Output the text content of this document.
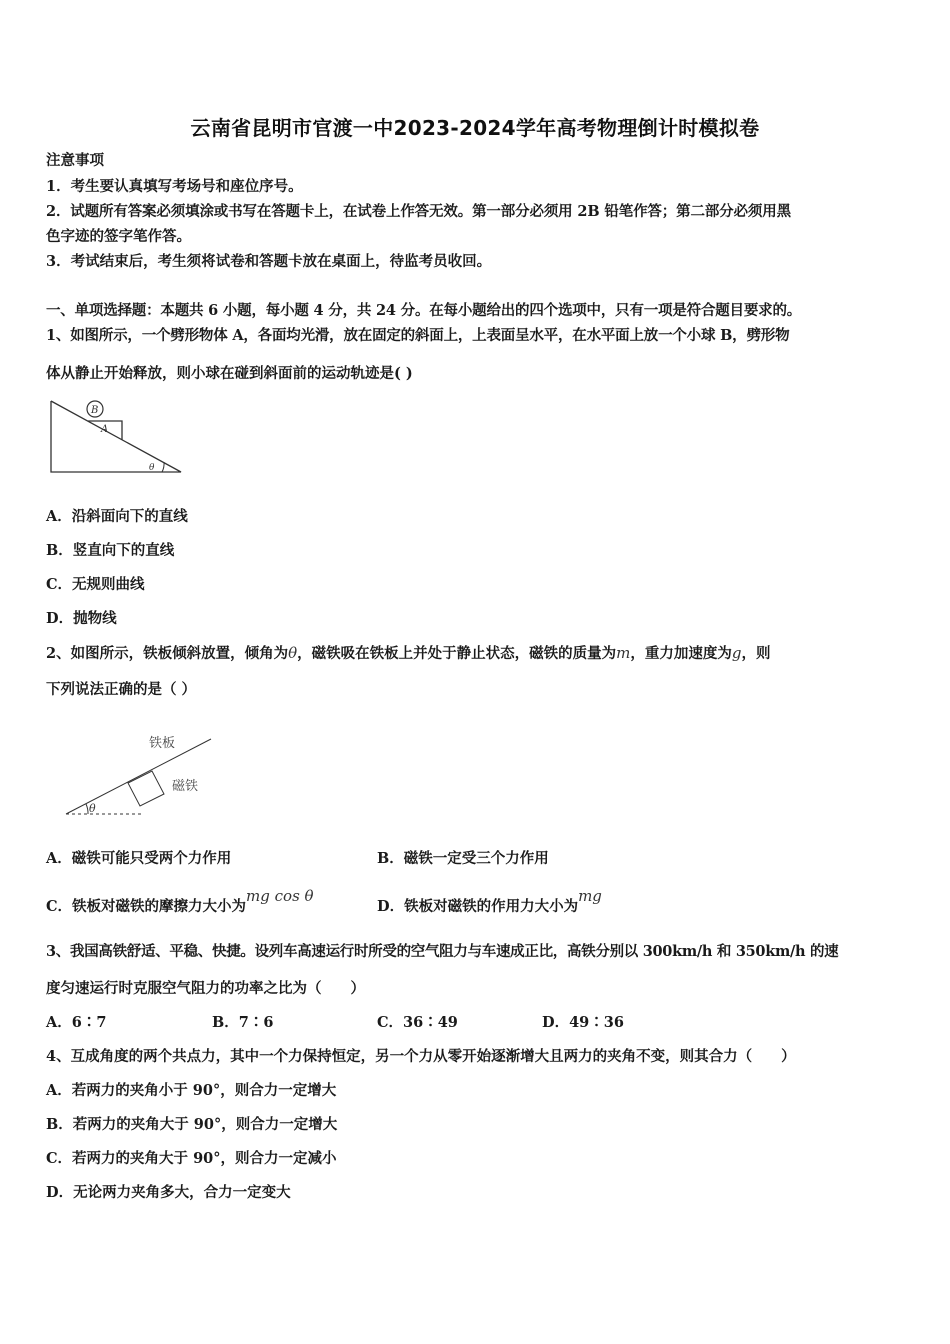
云南省昆明市官渡一中2023-2024学年高考物理倒计时模拟卷
注意事项
1．考生要认真填写考场号和座位序号。
2．试题所有答案必须填涂或书写在答题卡上，在试卷上作答无效。第一部分必须用 2B 铅笔作答；第二部分必须用黑
色字迹的签字笔作答。
3．考试结束后，考生须将试卷和答题卡放在桌面上，待监考员收回。
一、单项选择题：本题共 6 小题，每小题 4 分，共 24 分。在每小题给出的四个选项中，只有一项是符合题目要求的。
1、如图所示，一个劈形物体 A，各面均光滑，放在固定的斜面上，上表面呈水平，在水平面上放一个小球 B，劈形物
体从静止开始释放，则小球在碰到斜面前的运动轨迹是( )
B
A
θ
A．沿斜面向下的直线
B．竖直向下的直线
C．无规则曲线
D．抛物线
2、如图所示，铁板倾斜放置，倾角为θ，磁铁吸在铁板上并处于静止状态，磁铁的质量为m，重力加速度为g，则
下列说法正确的是（ ）
铁板
磁铁
θ
A．磁铁可能只受两个力作用	B．磁铁一定受三个力作用
C．铁板对磁铁的摩擦力大小为mg cos θ
D．铁板对磁铁的作用力大小为mg
3、我国高铁舒适、平稳、快捷。设列车高速运行时所受的空气阻力与车速成正比，高铁分别以 300km/h 和 350km/h 的速
度匀速运行时克服空气阻力的功率之比为（　　）
A．6∶7	B．7∶6	C．36∶49	D．49∶36
4、互成角度的两个共点力，其中一个力保持恒定，另一个力从零开始逐渐增大且两力的夹角不变，则其合力（　　）
A．若两力的夹角小于 90°，则合力一定增大
B．若两力的夹角大于 90°，则合力一定增大
C．若两力的夹角大于 90°，则合力一定减小
D．无论两力夹角多大，合力一定变大
